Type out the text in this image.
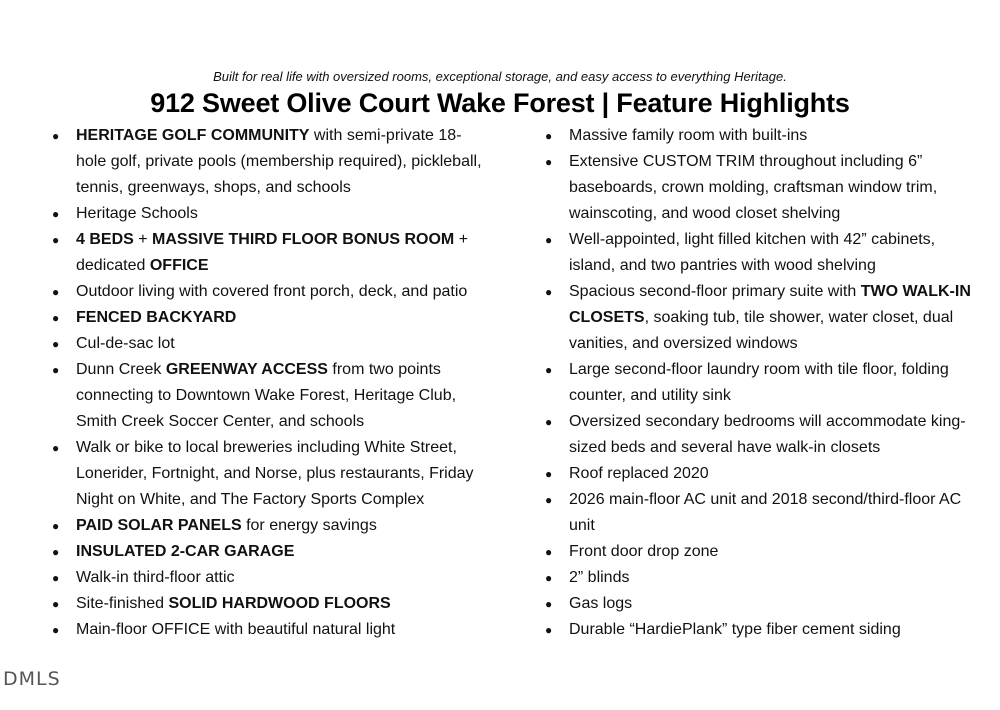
Built for real life with oversized rooms, exceptional storage, and easy access to everything Heritage.
912 Sweet Olive Court Wake Forest | Feature Highlights
● HERITAGE GOLF COMMUNITY with semi-private 18-hole golf, private pools (membership required), pickleball, tennis, greenways, shops, and schools
● Heritage Schools
● 4 BEDS + MASSIVE THIRD FLOOR BONUS ROOM + dedicated OFFICE
● Outdoor living with covered front porch, deck, and patio
● FENCED BACKYARD
● Cul-de-sac lot
● Dunn Creek GREENWAY ACCESS from two points connecting to Downtown Wake Forest, Heritage Club, Smith Creek Soccer Center, and schools
● Walk or bike to local breweries including White Street, Lonerider, Fortnight, and Norse, plus restaurants, Friday Night on White, and The Factory Sports Complex
● PAID SOLAR PANELS for energy savings
● INSULATED 2-CAR GARAGE
● Walk-in third-floor attic
● Site-finished SOLID HARDWOOD FLOORS
● Main-floor OFFICE with beautiful natural light
● Massive family room with built-ins
● Extensive CUSTOM TRIM throughout including 6” baseboards, crown molding, craftsman window trim, wainscoting, and wood closet shelving
● Well-appointed, light filled kitchen with 42” cabinets, island, and two pantries with wood shelving
● Spacious second-floor primary suite with TWO WALK-IN CLOSETS, soaking tub, tile shower, water closet, dual vanities, and oversized windows
● Large second-floor laundry room with tile floor, folding counter, and utility sink
● Oversized secondary bedrooms will accommodate king-sized beds and several have walk-in closets
● Roof replaced 2020
● 2026 main-floor AC unit and 2018 second/third-floor AC unit
● Front door drop zone
● 2” blinds
● Gas logs
● Durable “HardiePlank” type fiber cement siding
DMLS
